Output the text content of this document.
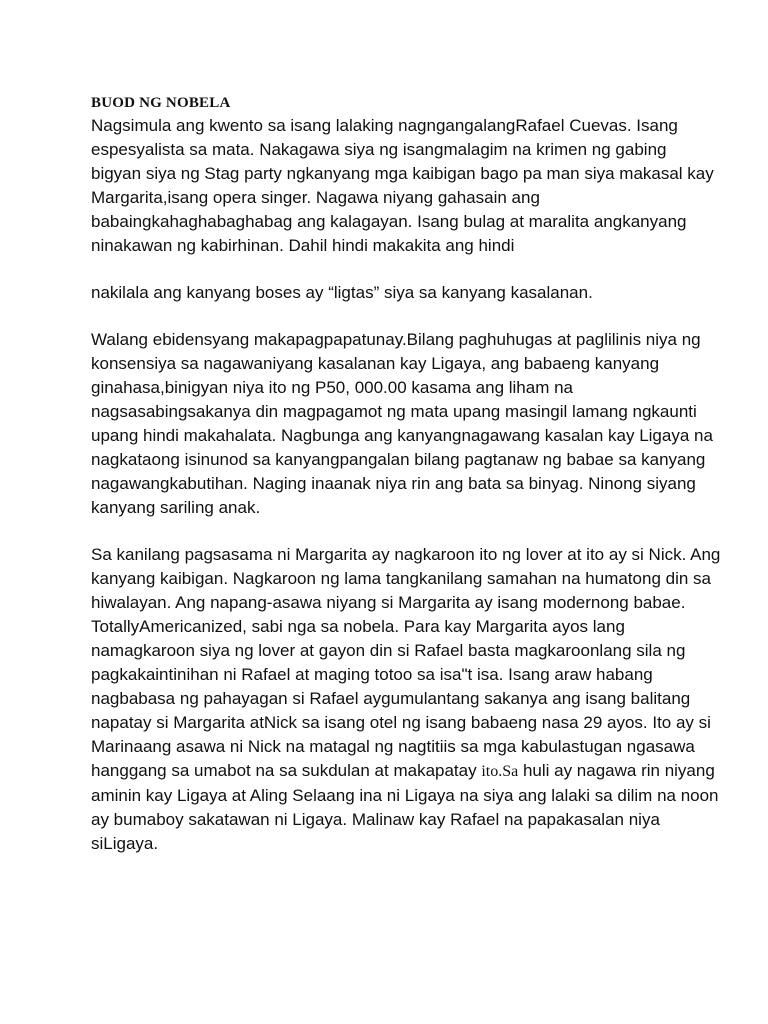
BUOD NG NOBELA

Nagsimula ang kwento sa isang lalaking nagngangalangRafael Cuevas. Isang espesyalista sa mata. Nakagawa siya ng isangmalagim na krimen ng gabing bigyan siya ng Stag party ngkanyang mga kaibigan bago pa man siya makasal kay Margarita,isang opera singer. Nagawa niyang gahasain ang babaingkahaghabaghabag ang kalagayan. Isang bulag at maralita angkanyang ninakawan ng kabirhinan. Dahil hindi makakita ang hindi

nakilala ang kanyang boses ay “ligtas” siya sa kanyang kasalanan.

Walang ebidensyang makapagpapatunay.Bilang paghuhugas at paglilinis niya ng konsensiya sa nagawaniyang kasalanan kay Ligaya, ang babaeng kanyang ginahasa,binigyan niya ito ng P50, 000.00 kasama ang liham na nagsasabingsakanya din magpagamot ng mata upang masingil lamang ngkaunti upang hindi makahalata. Nagbunga ang kanyangnagawang kasalan kay Ligaya na nagkataong isinunod sa kanyangpangalan bilang pagtanaw ng babae sa kanyang nagawangkabutihan. Naging inaanak niya rin ang bata sa binyag. Ninong siyang kanyang sariling anak.

Sa kanilang pagsasama ni Margarita ay nagkaroon ito ng lover at ito ay si Nick. Ang kanyang kaibigan. Nagkaroon ng lama tangkanilang samahan na humatong din sa hiwalayan. Ang napang-asawa niyang si Margarita ay isang modernong babae. TotallyAmericanized, sabi nga sa nobela. Para kay Margarita ayos lang namagkaroon siya ng lover at gayon din si Rafael basta magkaroonlang sila ng pagkakaintinihan ni Rafael at maging totoo sa isa"t isa. Isang araw habang nagbabasa ng pahayagan si Rafael aygumulantang sakanya ang isang balitang napatay si Margarita atNick sa isang otel ng isang babaeng nasa 29 ayos. Ito ay si Marinaang asawa ni Nick na matagal ng nagtitiis sa mga kabulastugan ngasawa hanggang sa umabot na sa sukdulan at makapatay ito.Sa huli ay nagawa rin niyang aminin kay Ligaya at Aling Selaang ina ni Ligaya na siya ang lalaki sa dilim na noon ay bumaboy sakatawan ni Ligaya. Malinaw kay Rafael na papakasalan niya siLigaya.
